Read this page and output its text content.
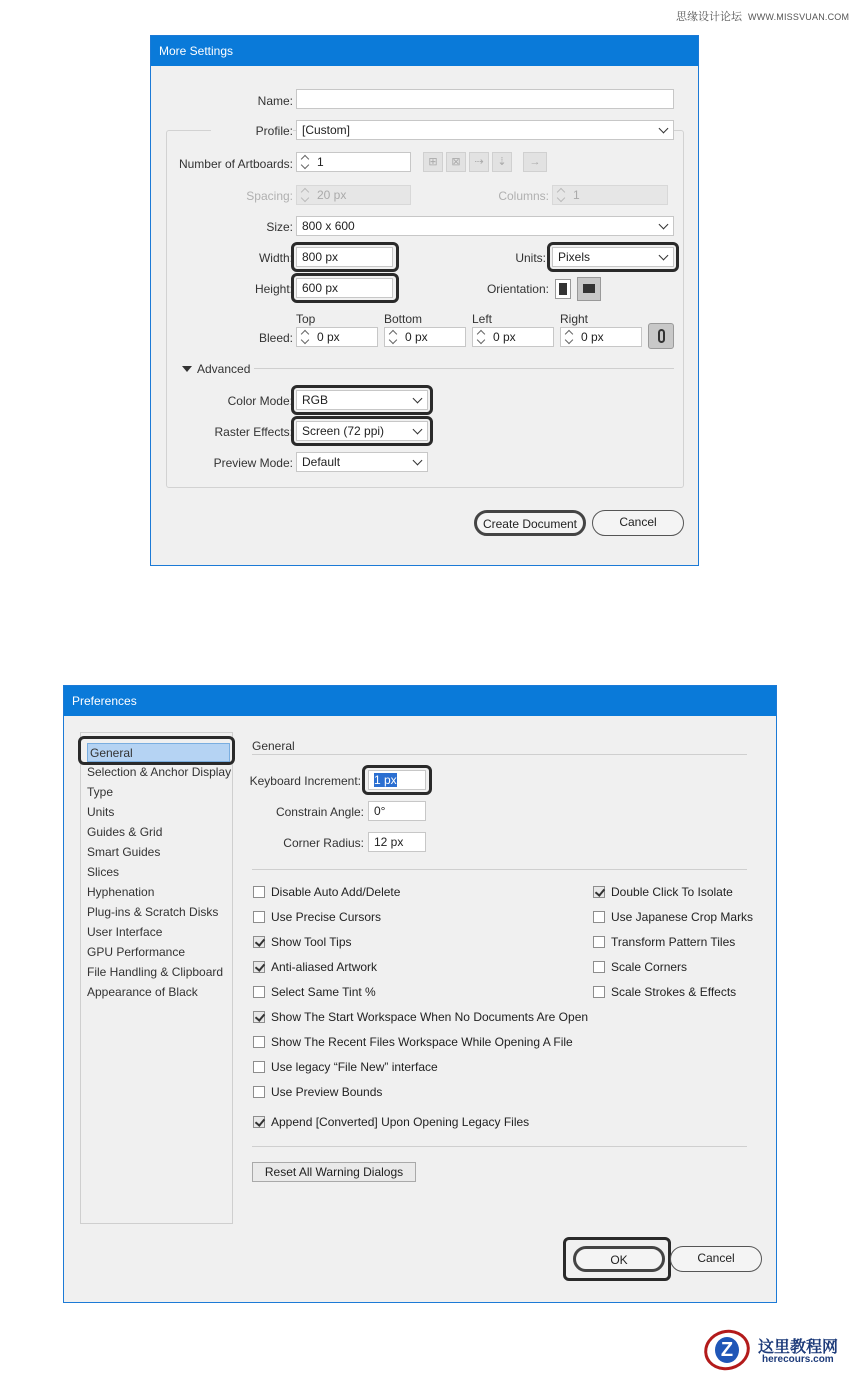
思缘设计论坛 WWW.MISSVUAN.COM
More Settings
Name:
Profile: [Custom]
Number of Artboards:	1	⊞	⊠	⇢	⇣	→
Spacing:	20 px	Columns:	1
Size: 800 x 600
Width: 800 px	Units:	Pixels
Height: 600 px	Orientation:
Bleed:
Top	Bottom	Left	Right
0 px	0 px	0 px	0 px
Advanced
Color Mode: RGB
Raster Effects: Screen (72 ppi)
Preview Mode: Default
Create Document	Cancel
Preferences
General
Selection & Anchor Display
Type
Units
Guides & Grid
Smart Guides
Slices
Hyphenation
Plug-ins & Scratch Disks
User Interface
GPU Performance
File Handling & Clipboard
Appearance of Black
General
Keyboard Increment:	1 px
Constrain Angle: 0°
Corner Radius: 12 px
Disable Auto Add/Delete
Use Precise Cursors
Show Tool Tips
Anti-aliased Artwork
Select Same Tint %
Show The Start Workspace When No Documents Are Open
Show The Recent Files Workspace While Opening A File
Use legacy “File New” interface
Use Preview Bounds
Append [Converted] Upon Opening Legacy Files
Double Click To Isolate
Use Japanese Crop Marks
Transform Pattern Tiles
Scale Corners
Scale Strokes & Effects
Reset All Warning Dialogs
OK	Cancel
Z	这里教程网
herecours.com
